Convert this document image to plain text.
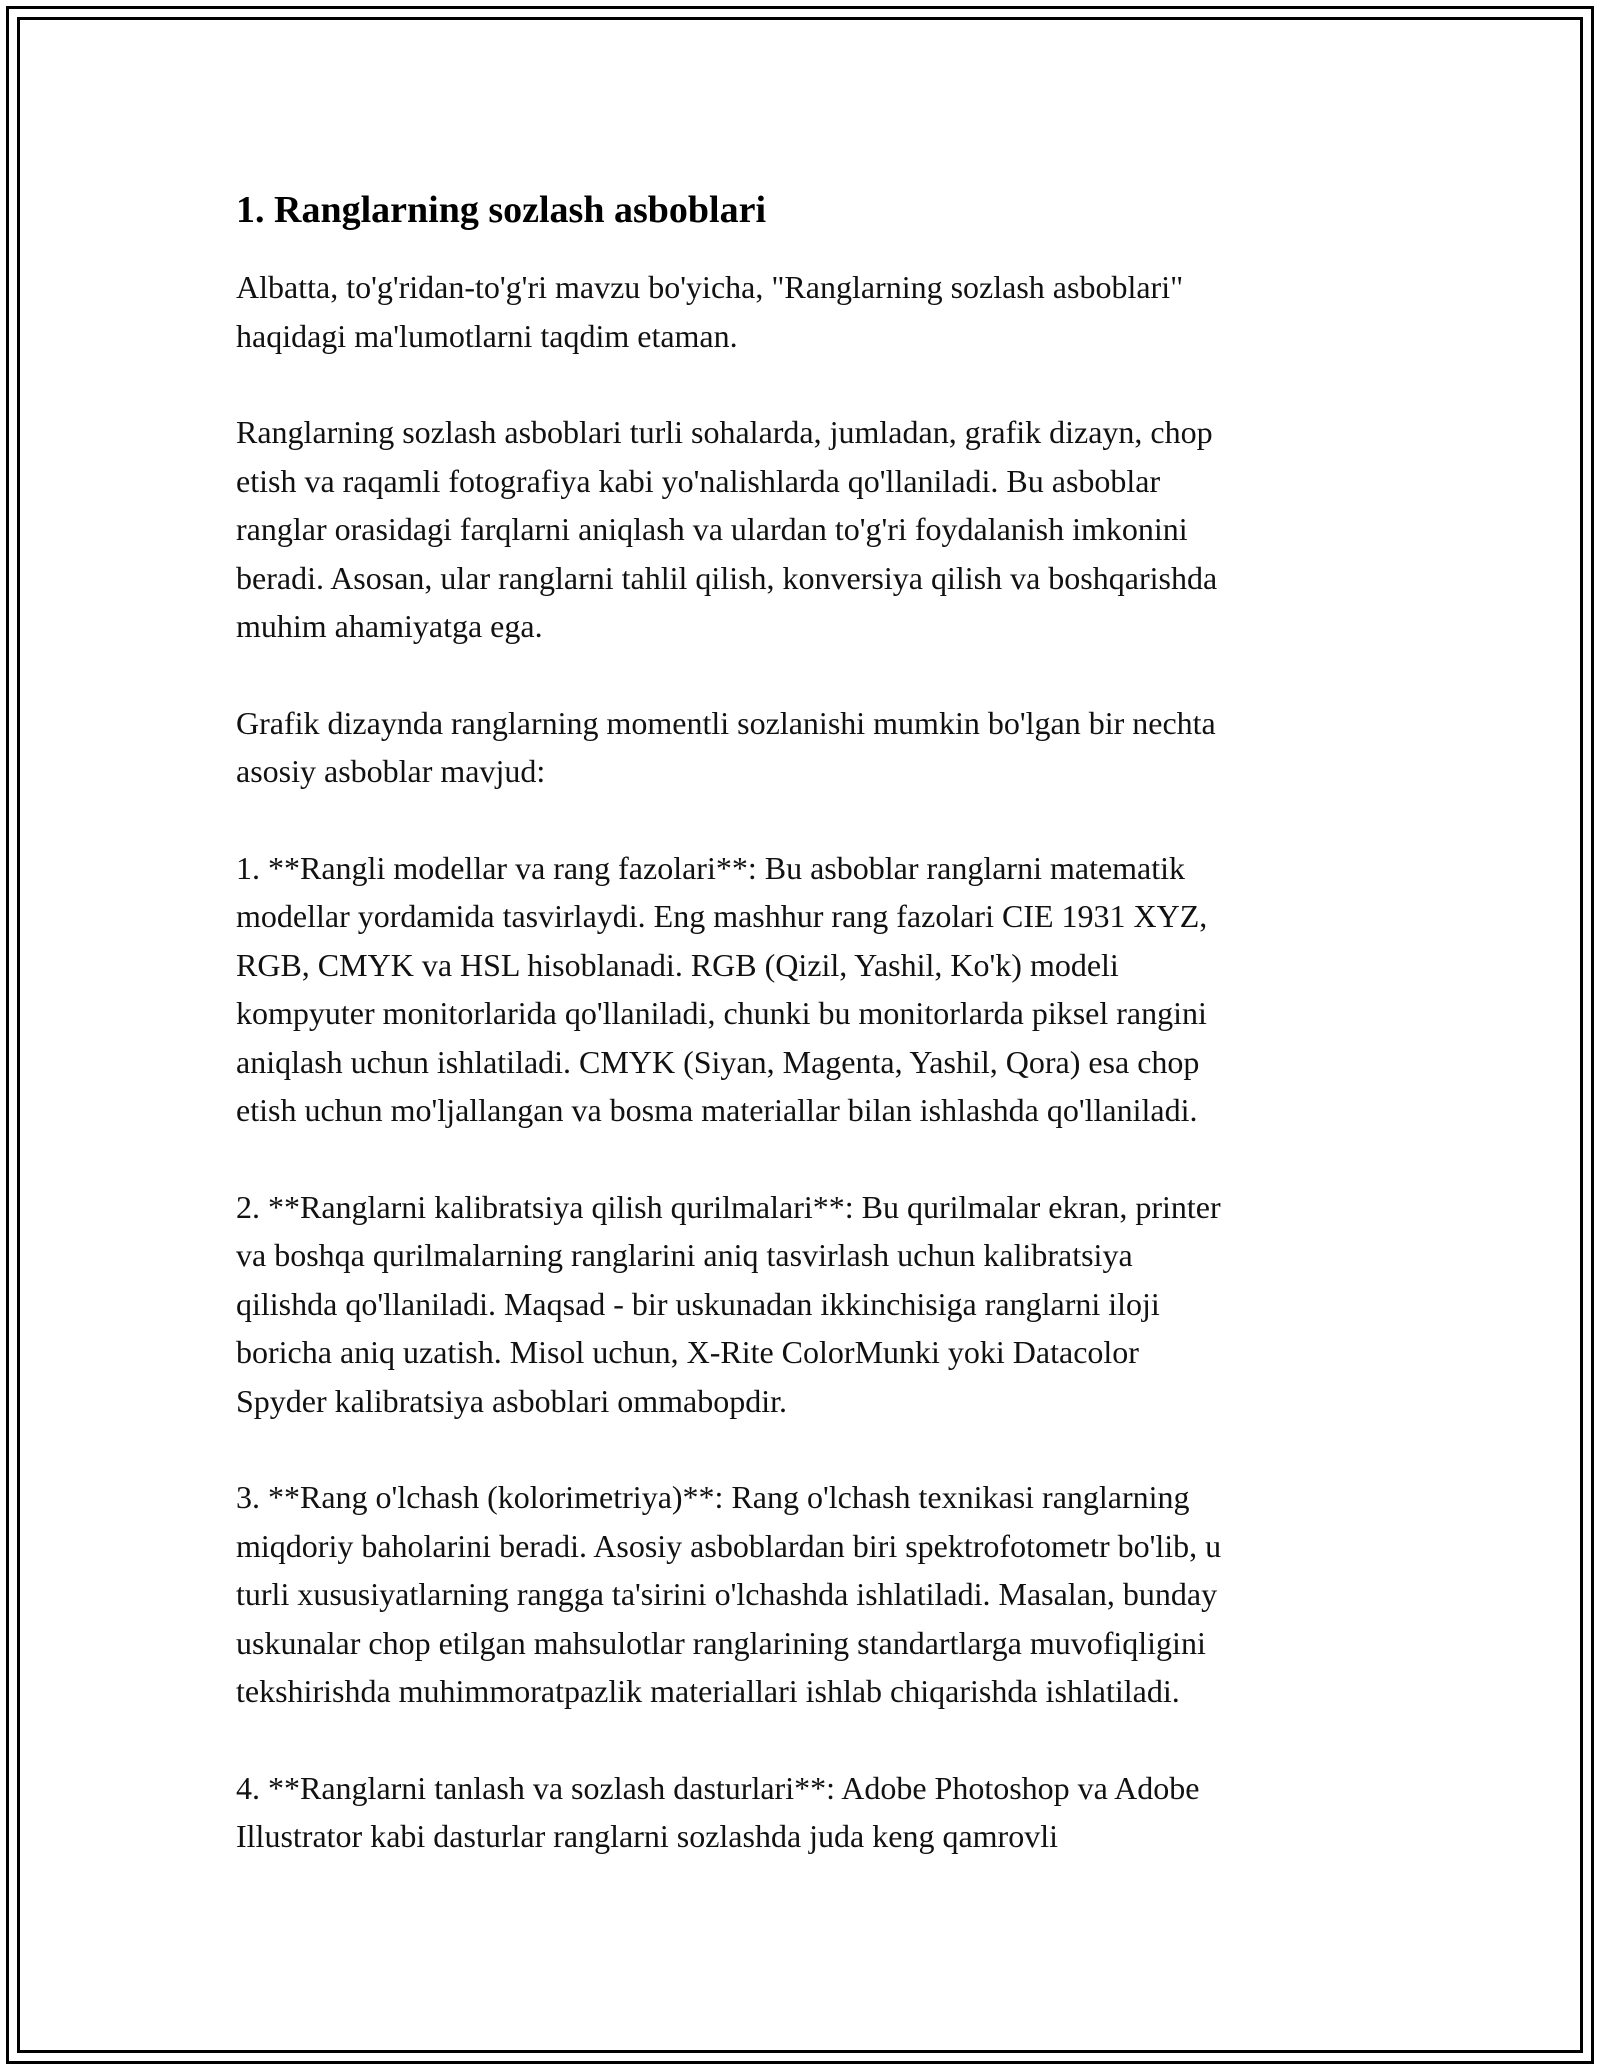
1. Ranglarning sozlash asboblari

Albatta, to'g'ridan-to'g'ri mavzu bo'yicha, "Ranglarning sozlash asboblari"
haqidagi ma'lumotlarni taqdim etaman.

Ranglarning sozlash asboblari turli sohalarda, jumladan, grafik dizayn, chop
etish va raqamli fotografiya kabi yo'nalishlarda qo'llaniladi. Bu asboblar
ranglar orasidagi farqlarni aniqlash va ulardan to'g'ri foydalanish imkonini
beradi. Asosan, ular ranglarni tahlil qilish, konversiya qilish va boshqarishda
muhim ahamiyatga ega.

Grafik dizaynda ranglarning momentli sozlanishi mumkin bo'lgan bir nechta
asosiy asboblar mavjud:

1. **Rangli modellar va rang fazolari**: Bu asboblar ranglarni matematik
modellar yordamida tasvirlaydi. Eng mashhur rang fazolari CIE 1931 XYZ,
RGB, CMYK va HSL hisoblanadi. RGB (Qizil, Yashil, Ko'k) modeli
kompyuter monitorlarida qo'llaniladi, chunki bu monitorlarda piksel rangini
aniqlash uchun ishlatiladi. CMYK (Siyan, Magenta, Yashil, Qora) esa chop
etish uchun mo'ljallangan va bosma materiallar bilan ishlashda qo'llaniladi.

2. **Ranglarni kalibratsiya qilish qurilmalari**: Bu qurilmalar ekran, printer
va boshqa qurilmalarning ranglarini aniq tasvirlash uchun kalibratsiya
qilishda qo'llaniladi. Maqsad - bir uskunadan ikkinchisiga ranglarni iloji
boricha aniq uzatish. Misol uchun, X-Rite ColorMunki yoki Datacolor
Spyder kalibratsiya asboblari ommabopdir.

3. **Rang o'lchash (kolorimetriya)**: Rang o'lchash texnikasi ranglarning
miqdoriy baholarini beradi. Asosiy asboblardan biri spektrofotometr bo'lib, u
turli xususiyatlarning rangga ta'sirini o'lchashda ishlatiladi. Masalan, bunday
uskunalar chop etilgan mahsulotlar ranglarining standartlarga muvofiqligini
tekshirishda muhimmoratpazlik materiallari ishlab chiqarishda ishlatiladi.

4. **Ranglarni tanlash va sozlash dasturlari**: Adobe Photoshop va Adobe
Illustrator kabi dasturlar ranglarni sozlashda juda keng qamrovli
